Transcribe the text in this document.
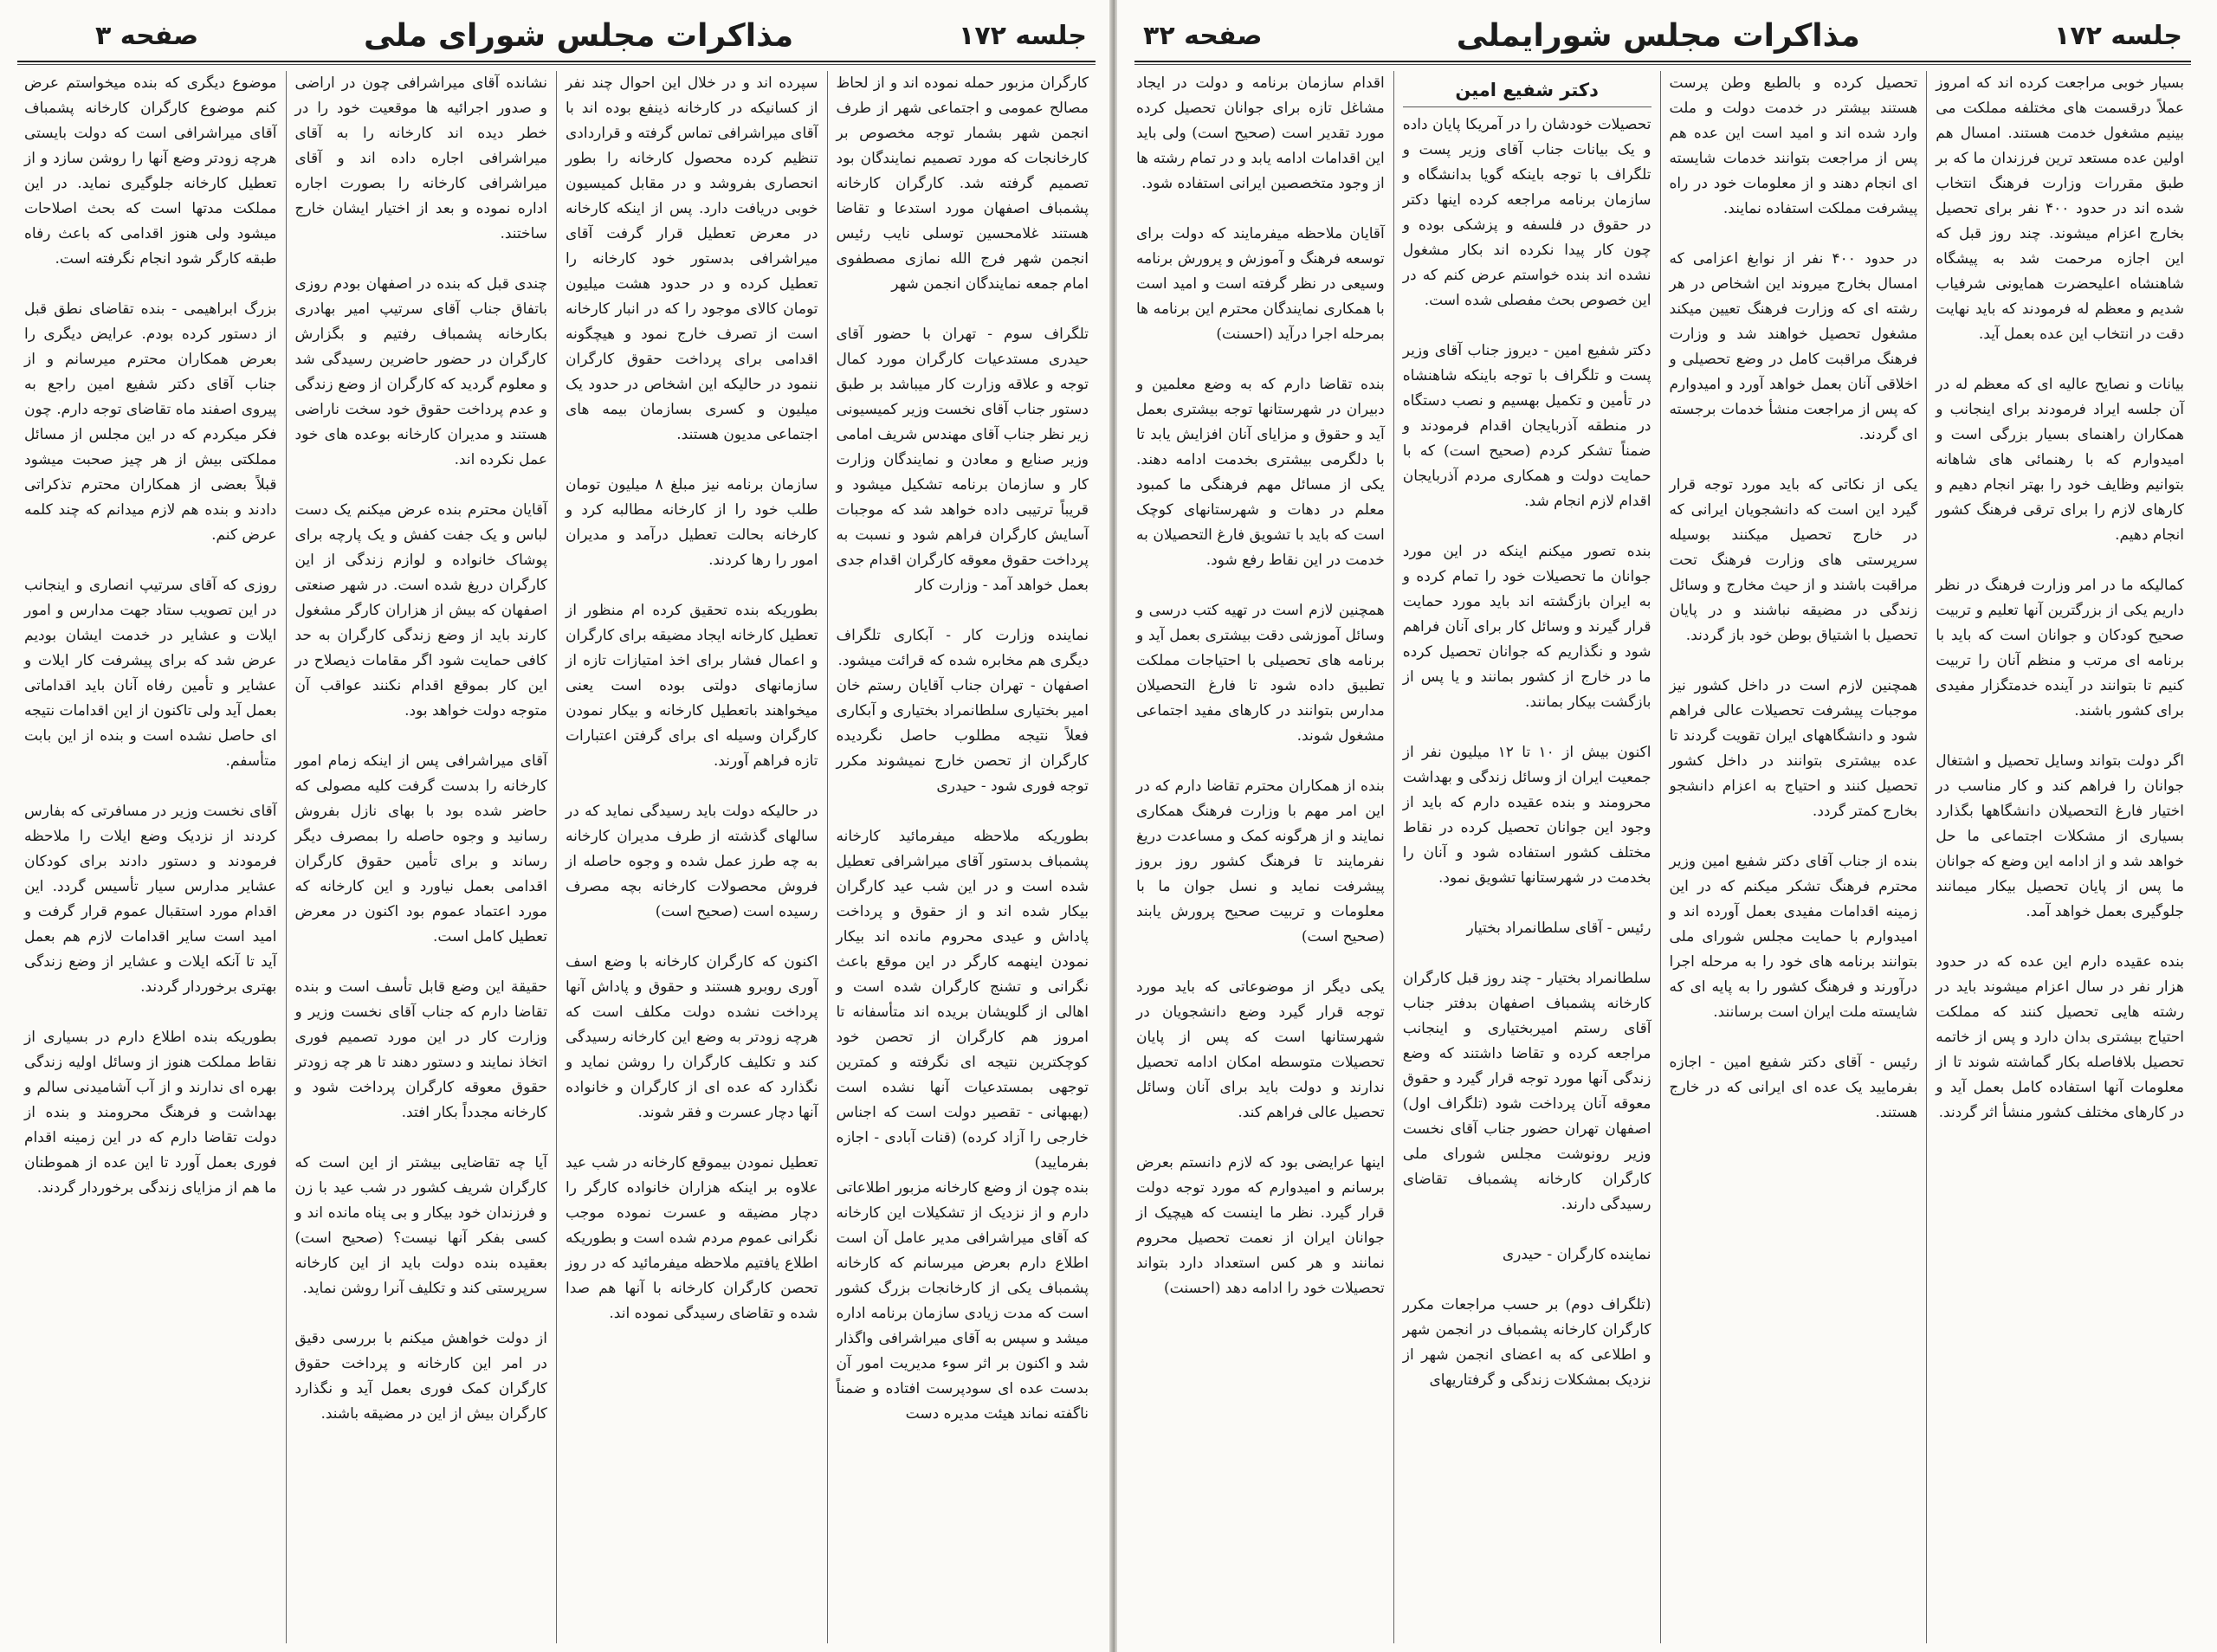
جلسه ۱۷۲
مذاکرات مجلس شورای ملی
صفحه ۳

کارگران مزبور حمله نموده اند و از لحاظ مصالح عمومی و اجتماعی شهر از طرف انجمن شهر بشمار توجه مخصوص بر کارخانجات که مورد تصمیم نمایندگان بود تصمیم گرفته شد. کارگران کارخانه پشمباف اصفهان مورد استدعا و تقاضا هستند غلامحسین توسلی نایب رئیس انجمن شهر فرج الله نمازی مصطفوی امام جمعه نمایندگان انجمن شهر

تلگراف سوم - تهران با حضور آقای حیدری مستدعیات کارگران مورد کمال توجه و علاقه وزارت کار میباشد بر طبق دستور جناب آقای نخست وزیر کمیسیونی زیر نظر جناب آقای مهندس شریف امامی وزیر صنایع و معادن و نمایندگان وزارت کار و سازمان برنامه تشکیل میشود و قریباً ترتیبی داده خواهد شد که موجبات آسایش کارگران فراهم شود و نسبت به پرداخت حقوق معوقه کارگران اقدام جدی بعمل خواهد آمد - وزارت کار

نماینده وزارت کار - آبکاری تلگراف دیگری هم مخابره شده که قرائت میشود.
اصفهان - تهران جناب آقایان رستم خان امیر بختیاری سلطانمراد بختیاری و آبکاری فعلاً نتیجه مطلوب حاصل نگردیده کارگران از تحصن خارج نمیشوند مکرر توجه فوری شود - حیدری

بطوریکه ملاحظه میفرمائید کارخانه پشمباف بدستور آقای میراشرافی تعطیل شده است و در این شب عید کارگران بیکار شده اند و از حقوق و پرداخت پاداش و عیدی محروم مانده اند بیکار نمودن اینهمه کارگر در این موقع باعث نگرانی و تشنج کارگران شده است و اهالی از گلویشان بریده اند متأسفانه تا امروز هم کارگران از تحصن خود کوچکترین نتیجه ای نگرفته و کمترین توجهی بمستدعیات آنها نشده است (بهبهانی - تقصیر دولت است که اجناس خارجی را آزاد کرده) (قنات آبادی - اجازه بفرمایید)
بنده چون از وضع کارخانه مزبور اطلاعاتی دارم و از نزدیک از تشکیلات این کارخانه که آقای میراشرافی مدیر عامل آن است اطلاع دارم بعرض میرسانم که کارخانه پشمباف یکی از کارخانجات بزرگ کشور است که مدت زیادی سازمان برنامه اداره میشد و سپس به آقای میراشرافی واگذار شد و اکنون بر اثر سوء مدیریت امور آن بدست عده ای سودپرست افتاده و ضمناً ناگفته نماند هیئت مدیره دست

سپرده اند و در خلال این احوال چند نفر از کسانیکه در کارخانه ذینفع بوده اند با آقای میراشرافی تماس گرفته و قراردادی تنظیم کرده محصول کارخانه را بطور انحصاری بفروشد و در مقابل کمیسیون خوبی دریافت دارد. پس از اینکه کارخانه در معرض تعطیل قرار گرفت آقای میراشرافی بدستور خود کارخانه را تعطیل کرده و در حدود هشت میلیون تومان کالای موجود را که در انبار کارخانه است از تصرف خارج نمود و هیچگونه اقدامی برای پرداخت حقوق کارگران ننمود در حالیکه این اشخاص در حدود یک میلیون و کسری بسازمان بیمه های اجتماعی مدیون هستند.

سازمان برنامه نیز مبلغ ۸ میلیون تومان طلب خود را از کارخانه مطالبه کرد و کارخانه بحالت تعطیل درآمد و مدیران امور را رها کردند.

بطوریکه بنده تحقیق کرده ام منظور از تعطیل کارخانه ایجاد مضیقه برای کارگران و اعمال فشار برای اخذ امتیازات تازه از سازمانهای دولتی بوده است یعنی میخواهند باتعطیل کارخانه و بیکار نمودن کارگران وسیله ای برای گرفتن اعتبارات تازه فراهم آورند.

در حالیکه دولت باید رسیدگی نماید که در سالهای گذشته از طرف مدیران کارخانه به چه طرز عمل شده و وجوه حاصله از فروش محصولات کارخانه بچه مصرف رسیده است (صحیح است)

اکنون که کارگران کارخانه با وضع اسف آوری روبرو هستند و حقوق و پاداش آنها پرداخت نشده دولت مکلف است که هرچه زودتر به وضع این کارخانه رسیدگی کند و تکلیف کارگران را روشن نماید و نگذارد که عده ای از کارگران و خانواده آنها دچار عسرت و فقر شوند.

تعطیل نمودن بیموقع کارخانه در شب عید علاوه بر اینکه هزاران خانواده کارگر را دچار مضیقه و عسرت نموده موجب نگرانی عموم مردم شده است و بطوریکه اطلاع یافتیم ملاحظه میفرمائید که در روز تحصن کارگران کارخانه با آنها هم صدا شده و تقاضای رسیدگی نموده اند.

نشانده آقای میراشرافی چون در اراضی و صدور اجرائیه ها موقعیت خود را در خطر دیده اند کارخانه را به آقای میراشرافی اجاره داده اند و آقای میراشرافی کارخانه را بصورت اجاره اداره نموده و بعد از اختیار ایشان خارج ساختند.

چندی قبل که بنده در اصفهان بودم روزی باتفاق جناب آقای سرتیپ امیر بهادری بکارخانه پشمباف رفتیم و بگزارش کارگران در حضور حاضرین رسیدگی شد و معلوم گردید که کارگران از وضع زندگی و عدم پرداخت حقوق خود سخت ناراضی هستند و مدیران کارخانه بوعده های خود عمل نکرده اند.

آقایان محترم بنده عرض میکنم یک دست لباس و یک جفت کفش و یک پارچه برای پوشاک خانواده و لوازم زندگی از این کارگران دریغ شده است. در شهر صنعتی اصفهان که بیش از هزاران کارگر مشغول کارند باید از وضع زندگی کارگران به حد کافی حمایت شود اگر مقامات ذیصلاح در این کار بموقع اقدام نکنند عواقب آن متوجه دولت خواهد بود.

آقای میراشرافی پس از اینکه زمام امور کارخانه را بدست گرفت کلیه مصولی که حاضر شده بود با بهای نازل بفروش رسانید و وجوه حاصله را بمصرف دیگر رساند و برای تأمین حقوق کارگران اقدامی بعمل نیاورد و این کارخانه که مورد اعتماد عموم بود اکنون در معرض تعطیل کامل است.

حقیقة این وضع قابل تأسف است و بنده تقاضا دارم که جناب آقای نخست وزیر و وزارت کار در این مورد تصمیم فوری اتخاذ نمایند و دستور دهند تا هر چه زودتر حقوق معوقه کارگران پرداخت شود و کارخانه مجدداً بکار افتد.

آیا چه تقاضایی بیشتر از این است که کارگران شریف کشور در شب عید با زن و فرزندان خود بیکار و بی پناه مانده اند و کسی بفکر آنها نیست؟ (صحیح است) بعقیده بنده دولت باید از این کارخانه سرپرستی کند و تکلیف آنرا روشن نماید.

از دولت خواهش میکنم با بررسی دقیق در امر این کارخانه و پرداخت حقوق کارگران کمک فوری بعمل آید و نگذارد کارگران بیش از این در مضیقه باشند.

موضوع دیگری که بنده میخواستم عرض کنم موضوع کارگران کارخانه پشمباف آقای میراشرافی است که دولت بایستی هرچه زودتر وضع آنها را روشن سازد و از تعطیل کارخانه جلوگیری نماید. در این مملکت مدتها است که بحث اصلاحات میشود ولی هنوز اقدامی که باعث رفاه طبقه کارگر شود انجام نگرفته است.

بزرگ ابراهیمی - بنده تقاضای نطق قبل از دستور کرده بودم. عرایض دیگری را بعرض همکاران محترم میرسانم و از جناب آقای دکتر شفیع امین راجع به پیروی اصفند ماه تقاضای توجه دارم. چون فکر میکردم که در این مجلس از مسائل مملکتی بیش از هر چیز صحبت میشود قبلاً بعضی از همکاران محترم تذکراتی دادند و بنده هم لازم میدانم که چند کلمه عرض کنم.

روزی که آقای سرتیپ انصاری و اینجانب در این تصویب ستاد جهت مدارس و امور ایلات و عشایر در خدمت ایشان بودیم عرض شد که برای پیشرفت کار ایلات و عشایر و تأمین رفاه آنان باید اقداماتی بعمل آید ولی تاکنون از این اقدامات نتیجه ای حاصل نشده است و بنده از این بابت متأسفم.

آقای نخست وزیر در مسافرتی که بفارس کردند از نزدیک وضع ایلات را ملاحظه فرمودند و دستور دادند برای کودکان عشایر مدارس سیار تأسیس گردد. این اقدام مورد استقبال عموم قرار گرفت و امید است سایر اقدامات لازم هم بعمل آید تا آنکه ایلات و عشایر از وضع زندگی بهتری برخوردار گردند.

بطوریکه بنده اطلاع دارم در بسیاری از نقاط مملکت هنوز از وسائل اولیه زندگی بهره ای ندارند و از آب آشامیدنی سالم و بهداشت و فرهنگ محرومند و بنده از دولت تقاضا دارم که در این زمینه اقدام فوری بعمل آورد تا این عده از هموطنان ما هم از مزایای زندگی برخوردار گردند.

جلسه ۱۷۲
مذاکرات مجلس شورایملی
صفحه ۳۲

بسیار خوبی مراجعت کرده اند که امروز عملاً درقسمت های مختلفه مملکت می بینیم مشغول خدمت هستند. امسال هم اولین عده مستعد ترین فرزندان ما که بر طبق مقررات وزارت فرهنگ انتخاب شده اند در حدود ۴۰۰ نفر برای تحصیل بخارج اعزام میشوند. چند روز قبل که این اجازه مرحمت شد به پیشگاه شاهنشاه اعلیحضرت همایونی شرفیاب شدیم و معظم له فرمودند که باید نهایت دقت در انتخاب این عده بعمل آید.

بیانات و نصایح عالیه ای که معظم له در آن جلسه ایراد فرمودند برای اینجانب و همکاران راهنمای بسیار بزرگی است و امیدوارم که با رهنمائی های شاهانه بتوانیم وظایف خود را بهتر انجام دهیم و کارهای لازم را برای ترقی فرهنگ کشور انجام دهیم.

کمالیکه ما در امر وزارت فرهنگ در نظر داریم یکی از بزرگترین آنها تعلیم و تربیت صحیح کودکان و جوانان است که باید با برنامه ای مرتب و منظم آنان را تربیت کنیم تا بتوانند در آینده خدمتگزار مفیدی برای کشور باشند.

اگر دولت بتواند وسایل تحصیل و اشتغال جوانان را فراهم کند و کار مناسب در اختیار فارغ التحصیلان دانشگاهها بگذارد بسیاری از مشکلات اجتماعی ما حل خواهد شد و از ادامه این وضع که جوانان ما پس از پایان تحصیل بیکار میمانند جلوگیری بعمل خواهد آمد.

بنده عقیده دارم این عده که در حدود هزار نفر در سال اعزام میشوند باید در رشته هایی تحصیل کنند که مملکت احتیاج بیشتری بدان دارد و پس از خاتمه تحصیل بلافاصله بکار گماشته شوند تا از معلومات آنها استفاده کامل بعمل آید و در کارهای مختلف کشور منشأ اثر گردند.

تحصیل کرده و بالطبع وطن پرست هستند بیشتر در خدمت دولت و ملت وارد شده اند و امید است این عده هم پس از مراجعت بتوانند خدمات شایسته ای انجام دهند و از معلومات خود در راه پیشرفت مملکت استفاده نمایند.

در حدود ۴۰۰ نفر از نوابغ اعزامی که امسال بخارج میروند این اشخاص در هر رشته ای که وزارت فرهنگ تعیین میکند مشغول تحصیل خواهند شد و وزارت فرهنگ مراقبت کامل در وضع تحصیلی و اخلاقی آنان بعمل خواهد آورد و امیدوارم که پس از مراجعت منشأ خدمات برجسته ای گردند.

یکی از نکاتی که باید مورد توجه قرار گیرد این است که دانشجویان ایرانی که در خارج تحصیل میکنند بوسیله سرپرستی های وزارت فرهنگ تحت مراقبت باشند و از حیث مخارج و وسائل زندگی در مضیقه نباشند و در پایان تحصیل با اشتیاق بوطن خود باز گردند.

همچنین لازم است در داخل کشور نیز موجبات پیشرفت تحصیلات عالی فراهم شود و دانشگاههای ایران تقویت گردند تا عده بیشتری بتوانند در داخل کشور تحصیل کنند و احتیاج به اعزام دانشجو بخارج کمتر گردد.

بنده از جناب آقای دکتر شفیع امین وزیر محترم فرهنگ تشکر میکنم که در این زمینه اقدامات مفیدی بعمل آورده اند و امیدوارم با حمایت مجلس شورای ملی بتوانند برنامه های خود را به مرحله اجرا درآورند و فرهنگ کشور را به پایه ای که شایسته ملت ایران است برسانند.

رئیس - آقای دکتر شفیع امین - اجازه بفرمایید یک عده ای ایرانی که در خارج هستند.

دکتر شفیع امین

تحصیلات خودشان را در آمریکا پایان داده و یک بیانات جناب آقای وزیر پست و تلگراف با توجه باینکه گویا بدانشگاه و سازمان برنامه مراجعه کرده اینها دکتر در حقوق در فلسفه و پزشکی بوده و چون کار پیدا نکرده اند بکار مشغول نشده اند بنده خواستم عرض کنم که در این خصوص بحث مفصلی شده است.

دکتر شفیع امین - دیروز جناب آقای وزیر پست و تلگراف با توجه باینکه شاهنشاه در تأمین و تکمیل بهسیم و نصب دستگاه در منطقه آذربایجان اقدام فرمودند و ضمناً تشکر کردم (صحیح است) که با حمایت دولت و همکاری مردم آذربایجان اقدام لازم انجام شد.

بنده تصور میکنم اینکه در این مورد جوانان ما تحصیلات خود را تمام کرده و به ایران بازگشته اند باید مورد حمایت قرار گیرند و وسائل کار برای آنان فراهم شود و نگذاریم که جوانان تحصیل کرده ما در خارج از کشور بمانند و یا پس از بازگشت بیکار بمانند.

اکنون بیش از ۱۰ تا ۱۲ میلیون نفر از جمعیت ایران از وسائل زندگی و بهداشت محرومند و بنده عقیده دارم که باید از وجود این جوانان تحصیل کرده در نقاط مختلف کشور استفاده شود و آنان را بخدمت در شهرستانها تشویق نمود.

رئیس - آقای سلطانمراد بختیار

سلطانمراد بختیار - چند روز قبل کارگران کارخانه پشمباف اصفهان بدفتر جناب آقای رستم امیربختیاری و اینجانب مراجعه کرده و تقاضا داشتند که وضع زندگی آنها مورد توجه قرار گیرد و حقوق معوقه آنان پرداخت شود (تلگراف اول) اصفهان تهران حضور جناب آقای نخست وزیر رونوشت مجلس شورای ملی کارگران کارخانه پشمباف تقاضای رسیدگی دارند.

نماینده کارگران - حیدری

(تلگراف دوم) بر حسب مراجعات مکرر کارگران کارخانه پشمباف در انجمن شهر و اطلاعی که به اعضای انجمن شهر از نزدیک بمشکلات زندگی و گرفتاریهای

اقدام سازمان برنامه و دولت در ایجاد مشاغل تازه برای جوانان تحصیل کرده مورد تقدیر است (صحیح است) ولی باید این اقدامات ادامه یابد و در تمام رشته ها از وجود متخصصین ایرانی استفاده شود.

آقایان ملاحظه میفرمایند که دولت برای توسعه فرهنگ و آموزش و پرورش برنامه وسیعی در نظر گرفته است و امید است با همکاری نمایندگان محترم این برنامه ها بمرحله اجرا درآید (احسنت)

بنده تقاضا دارم که به وضع معلمین و دبیران در شهرستانها توجه بیشتری بعمل آید و حقوق و مزایای آنان افزایش یابد تا با دلگرمی بیشتری بخدمت ادامه دهند. یکی از مسائل مهم فرهنگی ما کمبود معلم در دهات و شهرستانهای کوچک است که باید با تشویق فارغ التحصیلان به خدمت در این نقاط رفع شود.

همچنین لازم است در تهیه کتب درسی و وسائل آموزشی دقت بیشتری بعمل آید و برنامه های تحصیلی با احتیاجات مملکت تطبیق داده شود تا فارغ التحصیلان مدارس بتوانند در کارهای مفید اجتماعی مشغول شوند.

بنده از همکاران محترم تقاضا دارم که در این امر مهم با وزارت فرهنگ همکاری نمایند و از هرگونه کمک و مساعدت دریغ نفرمایند تا فرهنگ کشور روز بروز پیشرفت نماید و نسل جوان ما با معلومات و تربیت صحیح پرورش یابند (صحیح است)

یکی دیگر از موضوعاتی که باید مورد توجه قرار گیرد وضع دانشجویان در شهرستانها است که پس از پایان تحصیلات متوسطه امکان ادامه تحصیل ندارند و دولت باید برای آنان وسائل تحصیل عالی فراهم کند.

اینها عرایضی بود که لازم دانستم بعرض برسانم و امیدوارم که مورد توجه دولت قرار گیرد. نظر ما اینست که هیچیک از جوانان ایران از نعمت تحصیل محروم نمانند و هر کس استعداد دارد بتواند تحصیلات خود را ادامه دهد (احسنت)
